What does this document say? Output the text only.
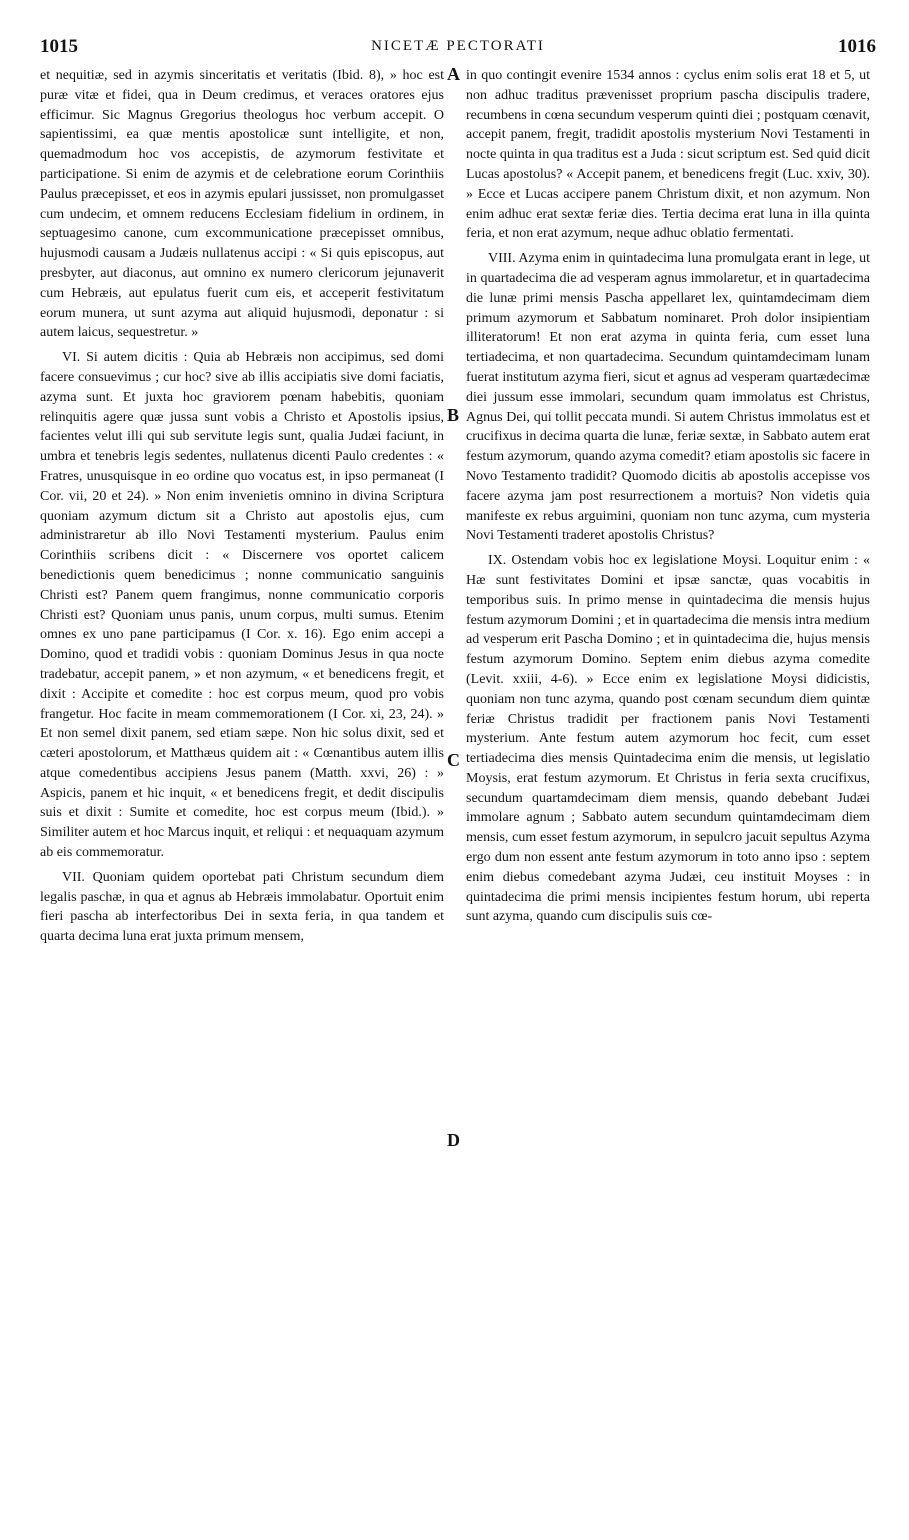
1015	NICETÆ PECTORATI	1016
A
B
C
D

et nequitiæ, sed in azymis sinceritatis et veritatis (Ibid. 8), » hoc est puræ vitæ et fidei, qua in Deum credimus, et veraces oratores ejus efficimur. Sic Magnus Gregorius theologus hoc verbum accepit. O sapientissimi, ea quæ mentis apostolicæ sunt intelligite, et non, quemadmodum hoc vos accepistis, de azymorum festivitate et participatione. Si enim de azymis et de celebratione eorum Corinthiis Paulus præcepisset, et eos in azymis epulari jussisset, non promulgasset cum undecim, et omnem reducens Ecclesiam fidelium in ordinem, in septuagesimo canone, cum excommunicatione præcepisset omnibus, hujusmodi causam a Judæis nullatenus accipi : « Si quis episcopus, aut presbyter, aut diaconus, aut omnino ex numero clericorum jejunaverit cum Hebræis, aut epulatus fuerit cum eis, et acceperit festivitatum eorum munera, ut sunt azyma aut aliquid hujusmodi, deponatur : si autem laicus, sequestretur. »

VI. Si autem dicitis : Quia ab Hebræis non accipimus, sed domi facere consuevimus ; cur hoc? sive ab illis accipiatis sive domi faciatis, azyma sunt. Et juxta hoc graviorem pœnam habebitis, quoniam relinquitis agere quæ jussa sunt vobis a Christo et Apostolis ipsius, facientes velut illi qui sub servitute legis sunt, qualia Judæi faciunt, in umbra et tenebris legis sedentes, nullatenus dicenti Paulo credentes : « Fratres, unusquisque in eo ordine quo vocatus est, in ipso permaneat (I Cor. vii, 20 et 24). » Non enim invenietis omnino in divina Scriptura quoniam azymum dictum sit a Christo aut apostolis ejus, cum administraretur ab illo Novi Testamenti mysterium. Paulus enim Corinthiis scribens dicit : « Discernere vos oportet calicem benedictionis quem benedicimus ; nonne communicatio sanguinis Christi est? Panem quem frangimus, nonne communicatio corporis Christi est? Quoniam unus panis, unum corpus, multi sumus. Etenim omnes ex uno pane participamus (I Cor. x. 16). Ego enim accepi a Domino, quod et tradidi vobis : quoniam Dominus Jesus in qua nocte tradebatur, accepit panem, » et non azymum, « et benedicens fregit, et dixit : Accipite et comedite : hoc est corpus meum, quod pro vobis frangetur. Hoc facite in meam commemorationem (I Cor. xi, 23, 24). » Et non semel dixit panem, sed etiam sæpe. Non hic solus dixit, sed et cæteri apostolorum, et Matthæus quidem ait : « Cœnantibus autem illis atque comedentibus accipiens Jesus panem (Matth. xxvi, 26) : » Aspicis, panem et hic inquit, « et benedicens fregit, et dedit discipulis suis et dixit : Sumite et comedite, hoc est corpus meum (Ibid.). » Similiter autem et hoc Marcus inquit, et reliqui : et nequaquam azymum ab eis commemoratur.

VII. Quoniam quidem oportebat pati Christum secundum diem legalis paschæ, in qua et agnus ab Hebræis immolabatur. Oportuit enim fieri pascha ab interfectoribus Dei in sexta feria, in qua tandem et quarta decima luna erat juxta primum mensem,

in quo contingit evenire 1534 annos : cyclus enim solis erat 18 et 5, ut non adhuc traditus prævenisset proprium pascha discipulis tradere, recumbens in cœna secundum vesperum quinti diei ; postquam cœnavit, accepit panem, fregit, tradidit apostolis mysterium Novi Testamenti in nocte quinta in qua traditus est a Juda : sicut scriptum est. Sed quid dicit Lucas apostolus? « Accepit panem, et benedicens fregit (Luc. xxiv, 30). » Ecce et Lucas accipere panem Christum dixit, et non azymum. Non enim adhuc erat sextæ feriæ dies. Tertia decima erat luna in illa quinta feria, et non erat azymum, neque adhuc oblatio fermentati.

VIII. Azyma enim in quintadecima luna promulgata erant in lege, ut in quartadecima die ad vesperam agnus immolaretur, et in quartadecima die lunæ primi mensis Pascha appellaret lex, quintamdecimam diem primum azymorum et Sabbatum nominaret. Proh dolor insipientiam illiteratorum! Et non erat azyma in quinta feria, cum esset luna tertiadecima, et non quartadecima. Secundum quintamdecimam lunam fuerat institutum azyma fieri, sicut et agnus ad vesperam quartædecimæ diei jussum esse immolari, secundum quam immolatus est Christus, Agnus Dei, qui tollit peccata mundi. Si autem Christus immolatus est et crucifixus in decima quarta die lunæ, feriæ sextæ, in Sabbato autem erat festum azymorum, quando azyma comedit? etiam apostolis sic facere in Novo Testamento tradidit? Quomodo dicitis ab apostolis accepisse vos facere azyma jam post resurrectionem a mortuis? Non videtis quia manifeste ex rebus arguimini, quoniam non tunc azyma, cum mysteria Novi Testamenti traderet apostolis Christus?

IX. Ostendam vobis hoc ex legislatione Moysi. Loquitur enim : « Hæ sunt festivitates Domini et ipsæ sanctæ, quas vocabitis in temporibus suis. In primo mense in quintadecima die mensis hujus festum azymorum Domini ; et in quartadecima die mensis intra medium ad vesperum erit Pascha Domino ; et in quintadecima die, hujus mensis festum azymorum Domino. Septem enim diebus azyma comedite (Levit. xxiii, 4-6). » Ecce enim ex legislatione Moysi didicistis, quoniam non tunc azyma, quando post cœnam secundum diem quintæ feriæ Christus tradidit per fractionem panis Novi Testamenti mysterium. Ante festum autem azymorum hoc fecit, cum esset tertiadecima dies mensis Quintadecima enim die mensis, ut legislatio Moysis, erat festum azymorum. Et Christus in feria sexta crucifixus, secundum quartamdecimam diem mensis, quando debebant Judæi immolare agnum ; Sabbato autem secundum quintamdecimam diem mensis, cum esset festum azymorum, in sepulcro jacuit sepultus Azyma ergo dum non essent ante festum azymorum in toto anno ipso : septem enim diebus comedebant azyma Judæi, ceu instituit Moyses : in quintadecima die primi mensis incipientes festum horum, ubi reperta sunt azyma, quando cum discipulis suis cœ-
